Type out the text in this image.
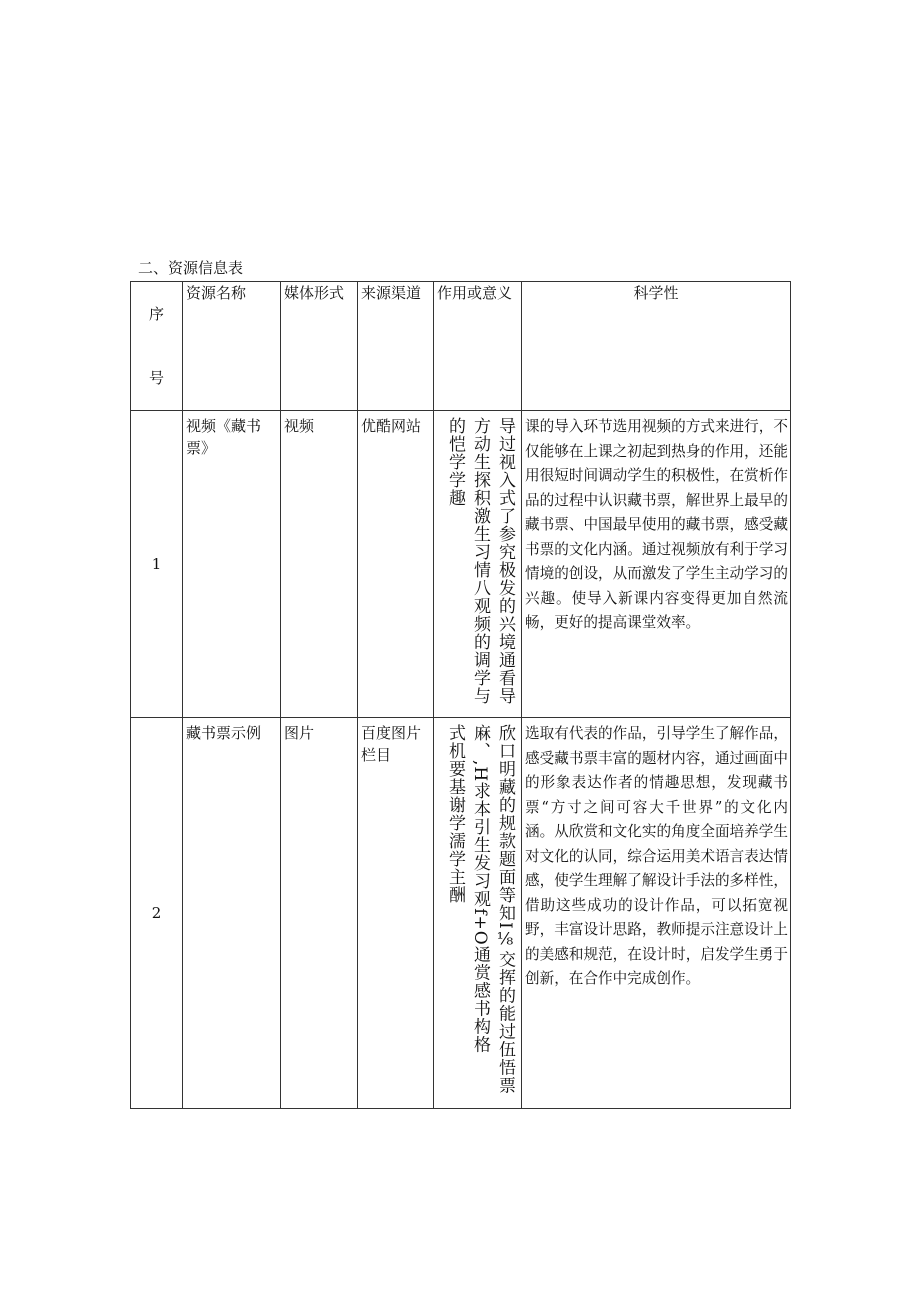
二、资源信息表
序
号	资源名称	媒体形式	来源渠道	作用或意义	科学性
1	视频《藏书票》	视频	优酷网站	导过视入式了参究极发的兴境通看导
方动生探积激生习情八观频的调学与
的恺学学趣	课的导入环节选用视频的方式来进行，不仅能够在上课之初起到热身的作用，还能用很短时间调动学生的积极性，在赏析作品的过程中认识藏书票，解世界上最早的藏书票、中国最早使用的藏书票，感受藏书票的文化内涵。通过视频放有利于学习情境的创设，从而激发了学生主动学习的兴趣。使导入新课内容变得更加自然流畅，更好的提高课堂效率。

2	藏书票示例	图片	百度图片栏目	欣口明藏的规款题面等知I⅛交挥的能过伍悟票
麻、,H求本引生发习观f+O通赏感书构格
式机要基谢学濡学主酬	选取有代表的作品，引导学生了解作品，感受藏书票丰富的题材内容，通过画面中的形象表达作者的情趣思想，发现藏书票“方寸之间可容大千世界”的文化内涵。从欣赏和文化实的角度全面培养学生对文化的认同，综合运用美术语言表达情感，使学生理解了解设计手法的多样性，借助这些成功的设计作品，可以拓宽视野，丰富设计思路，教师提示注意设计上的美感和规范，在设计时，启发学生勇于创新，在合作中完成创作。
